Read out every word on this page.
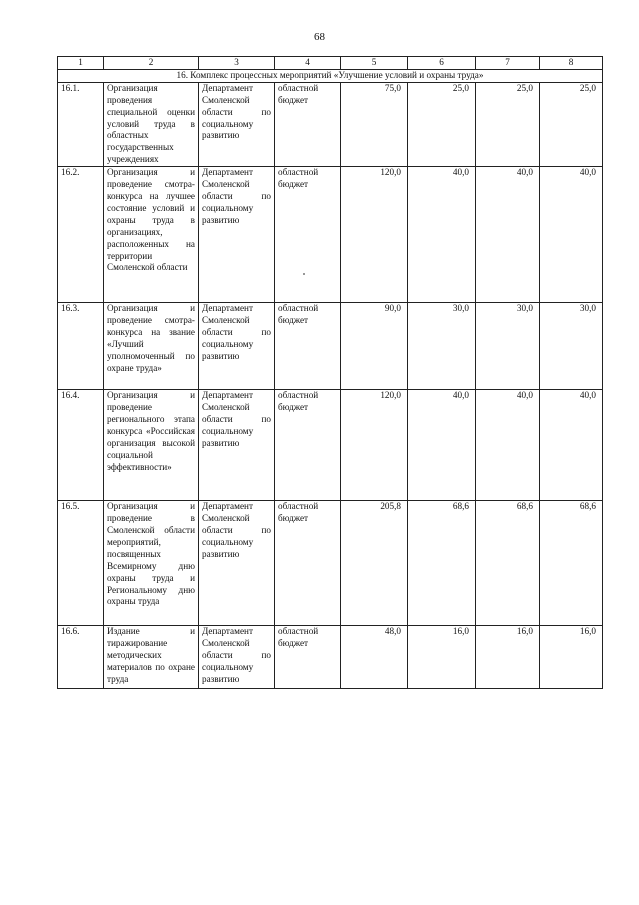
68
1	2	3	4	5	6	7	8
16. Комплекс процессных мероприятий «Улучшение условий и охраны труда»							
16.1.	Организация проведения специальной оценки условий труда в областных государственных учреждениях	Департамент Смоленской области по социальному развитию	областной бюджет	75,0	25,0	25,0	25,0
16.2.	Организация и проведение смотра-конкурса на лучшее состояние условий и охраны труда в организациях, расположенных на территории Смоленской области	Департамент Смоленской области по социальному развитию	областной бюджет	120,0	40,0	40,0	40,0
16.3.	Организация и проведение смотра-конкурса на звание «Лучший уполномоченный по охране труда»	Департамент Смоленской области по социальному развитию	областной бюджет	90,0	30,0	30,0	30,0
16.4.	Организация и проведение регионального этапа конкурса «Российская организация высокой социальной эффективности»	Департамент Смоленской области по социальному развитию	областной бюджет	120,0	40,0	40,0	40,0
16.5.	Организация и проведение в Смоленской области мероприятий, посвященных Всемирному дню охраны труда и Региональному дню охраны труда	Департамент Смоленской области по социальному развитию	областной бюджет	205,8	68,6	68,6	68,6
16.6.	Издание и тиражирование методических материалов по охране труда	Департамент Смоленской области по социальному развитию	областной бюджет	48,0	16,0	16,0	16,0
